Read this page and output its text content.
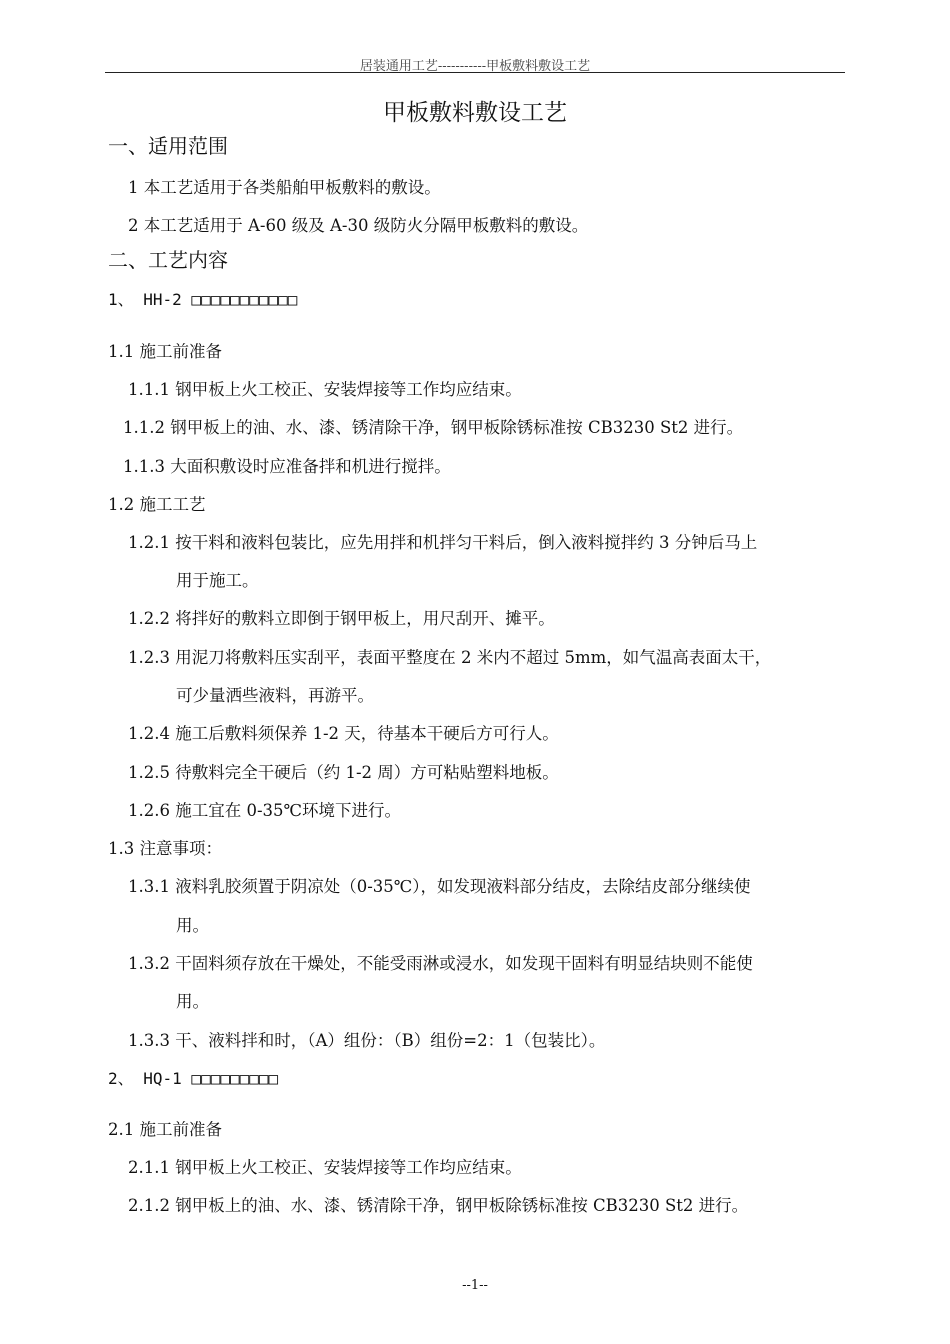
居装通用工艺-----------甲板敷料敷设工艺
甲板敷料敷设工艺
一、适用范围
1 本工艺适用于各类船舶甲板敷料的敷设。
2 本工艺适用于 A-60 级及 A-30 级防火分隔甲板敷料的敷设。
二、工艺内容
1、 HH-2 □□□□□□□□□□□
1.1 施工前准备
1.1.1 钢甲板上火工校正、安装焊接等工作均应结束。
1.1.2 钢甲板上的油、水、漆、锈清除干净，钢甲板除锈标准按 CB3230 St2 进行。
1.1.3 大面积敷设时应准备拌和机进行搅拌。
1.2 施工工艺
1.2.1 按干料和液料包装比，应先用拌和机拌匀干料后，倒入液料搅拌约 3 分钟后马上
用于施工。
1.2.2 将拌好的敷料立即倒于钢甲板上，用尺刮开、摊平。
1.2.3 用泥刀将敷料压实刮平，表面平整度在 2 米内不超过 5mm，如气温高表面太干，
可少量洒些液料，再游平。
1.2.4 施工后敷料须保养 1-2 天，待基本干硬后方可行人。
1.2.5 待敷料完全干硬后（约 1-2 周）方可粘贴塑料地板。
1.2.6 施工宜在 0-35℃环境下进行。
1.3 注意事项：
1.3.1 液料乳胶须置于阴凉处（0-35℃），如发现液料部分结皮，去除结皮部分继续使
用。
1.3.2 干固料须存放在干燥处，不能受雨淋或浸水，如发现干固料有明显结块则不能使
用。
1.3.3 干、液料拌和时，（A）组份：（B）组份=2：1（包装比）。
2、 HQ-1 □□□□□□□□□
2.1 施工前准备
2.1.1 钢甲板上火工校正、安装焊接等工作均应结束。
2.1.2 钢甲板上的油、水、漆、锈清除干净，钢甲板除锈标准按 CB3230 St2 进行。
--1--
